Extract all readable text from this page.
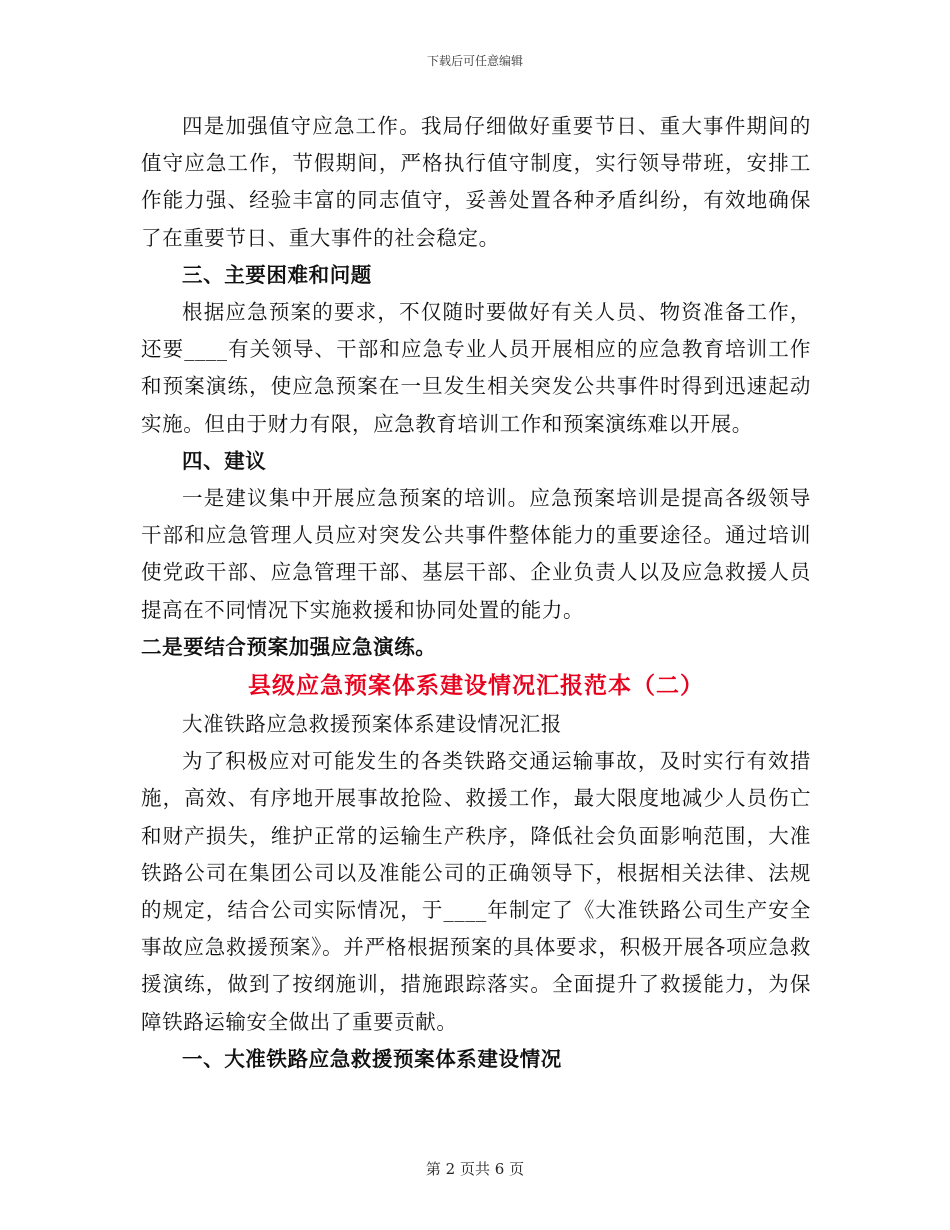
下载后可任意编辑

四是加强值守应急工作。我局仔细做好重要节日、重大事件期间的值守应急工作，节假期间，严格执行值守制度，实行领导带班，安排工作能力强、经验丰富的同志值守，妥善处置各种矛盾纠纷，有效地确保了在重要节日、重大事件的社会稳定。

三、主要困难和问题

根据应急预案的要求，不仅随时要做好有关人员、物资准备工作，还要____有关领导、干部和应急专业人员开展相应的应急教育培训工作和预案演练，使应急预案在一旦发生相关突发公共事件时得到迅速起动实施。但由于财力有限，应急教育培训工作和预案演练难以开展。

四、建议

一是建议集中开展应急预案的培训。应急预案培训是提高各级领导干部和应急管理人员应对突发公共事件整体能力的重要途径。通过培训使党政干部、应急管理干部、基层干部、企业负责人以及应急救援人员提高在不同情况下实施救援和协同处置的能力。

二是要结合预案加强应急演练。

县级应急预案体系建设情况汇报范本（二）

大准铁路应急救援预案体系建设情况汇报

为了积极应对可能发生的各类铁路交通运输事故，及时实行有效措施，高效、有序地开展事故抢险、救援工作，最大限度地减少人员伤亡和财产损失，维护正常的运输生产秩序，降低社会负面影响范围，大准铁路公司在集团公司以及准能公司的正确领导下，根据相关法律、法规的规定，结合公司实际情况，于____年制定了《大准铁路公司生产安全事故应急救援预案》。并严格根据预案的具体要求，积极开展各项应急救援演练，做到了按纲施训，措施跟踪落实。全面提升了救援能力，为保障铁路运输安全做出了重要贡献。

一、大准铁路应急救援预案体系建设情况

第 2 页共 6 页
